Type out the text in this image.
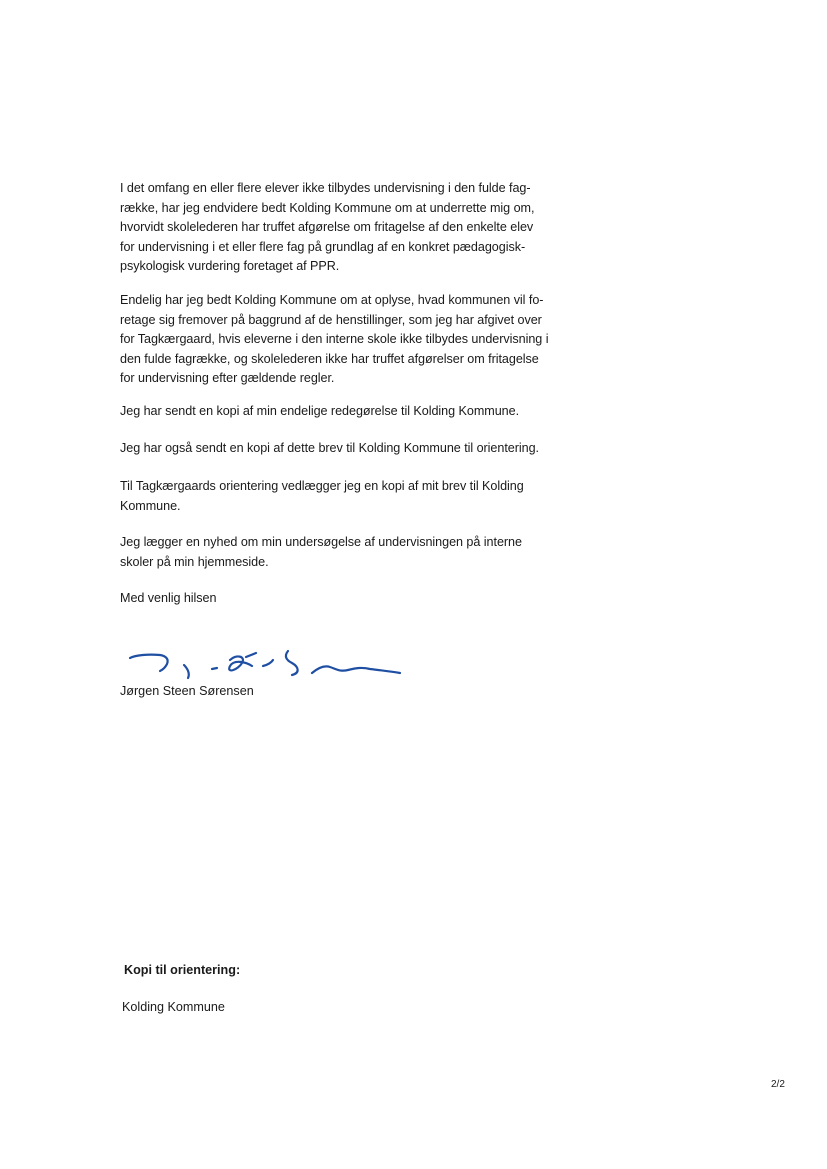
I det omfang en eller flere elever ikke tilbydes undervisning i den fulde fag-
række, har jeg endvidere bedt Kolding Kommune om at underrette mig om,
hvorvidt skolelederen har truffet afgørelse om fritagelse af den enkelte elev
for undervisning i et eller flere fag på grundlag af en konkret pædagogisk-
psykologisk vurdering foretaget af PPR.

Endelig har jeg bedt Kolding Kommune om at oplyse, hvad kommunen vil fo-
retage sig fremover på baggrund af de henstillinger, som jeg har afgivet over
for Tagkærgaard, hvis eleverne i den interne skole ikke tilbydes undervisning i
den fulde fagrække, og skolelederen ikke har truffet afgørelser om fritagelse
for undervisning efter gældende regler.

Jeg har sendt en kopi af min endelige redegørelse til Kolding Kommune.

Jeg har også sendt en kopi af dette brev til Kolding Kommune til orientering.

Til Tagkærgaards orientering vedlægger jeg en kopi af mit brev til Kolding
Kommune.

Jeg lægger en nyhed om min undersøgelse af undervisningen på interne
skoler på min hjemmeside.

Med venlig hilsen

Jørgen Steen Sørensen

Kopi til orientering:

Kolding Kommune

2/2
